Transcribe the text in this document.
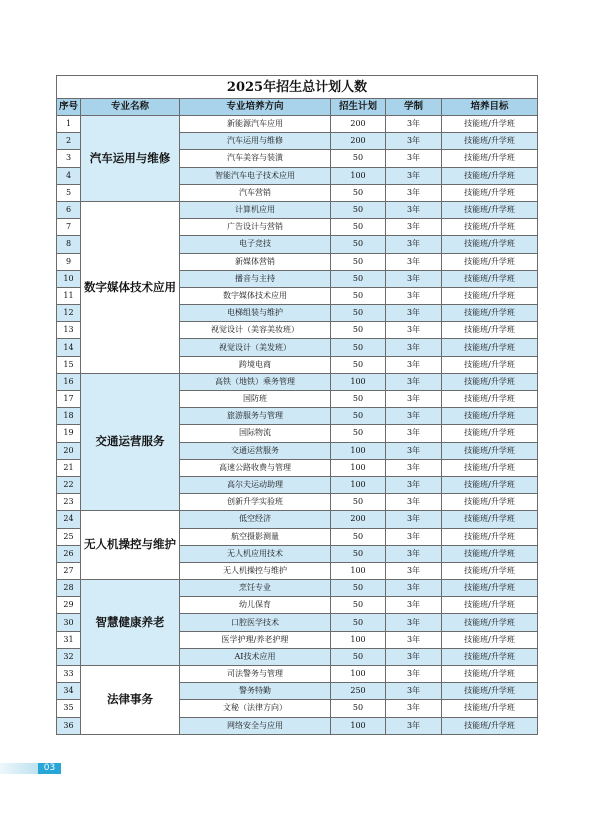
2025年招生总计划人数					
序号	专业名称	专业培养方向	招生计划	学制	培养目标
1	汽车运用与维修	新能源汽车应用	200	3年	技能班/升学班
2		汽车运用与维修	200	3年	技能班/升学班
3		汽车美容与装潢	50	3年	技能班/升学班
4		智能汽车电子技术应用	100	3年	技能班/升学班
5		汽车营销	50	3年	技能班/升学班
6	数字媒体技术应用	计算机应用	50	3年	技能班/升学班
7		广告设计与营销	50	3年	技能班/升学班
8		电子竞技	50	3年	技能班/升学班
9		新媒体营销	50	3年	技能班/升学班
10		播音与主持	50	3年	技能班/升学班
11		数字媒体技术应用	50	3年	技能班/升学班
12		电梯组装与维护	50	3年	技能班/升学班
13		视觉设计（美容美妆班）	50	3年	技能班/升学班
14		视觉设计（美发班）	50	3年	技能班/升学班
15		跨境电商	50	3年	技能班/升学班
16	交通运营服务	高铁（地铁）乘务管理	100	3年	技能班/升学班
17		国防班	50	3年	技能班/升学班
18		旅游服务与管理	50	3年	技能班/升学班
19		国际物流	50	3年	技能班/升学班
20		交通运营服务	100	3年	技能班/升学班
21		高速公路收费与管理	100	3年	技能班/升学班
22		高尔夫运动助理	100	3年	技能班/升学班
23		创新升学实验班	50	3年	技能班/升学班
24	无人机操控与维护	低空经济	200	3年	技能班/升学班
25		航空摄影测量	50	3年	技能班/升学班
26		无人机应用技术	50	3年	技能班/升学班
27		无人机操控与维护	100	3年	技能班/升学班
28	智慧健康养老	烹饪专业	50	3年	技能班/升学班
29		幼儿保育	50	3年	技能班/升学班
30		口腔医学技术	50	3年	技能班/升学班
31		医学护理/养老护理	100	3年	技能班/升学班
32		AI技术应用	50	3年	技能班/升学班
33	法律事务	司法警务与管理	100	3年	技能班/升学班
34		警务特勤	250	3年	技能班/升学班
35		文秘（法律方向）	50	3年	技能班/升学班
36		网络安全与应用	100	3年	技能班/升学班
03
